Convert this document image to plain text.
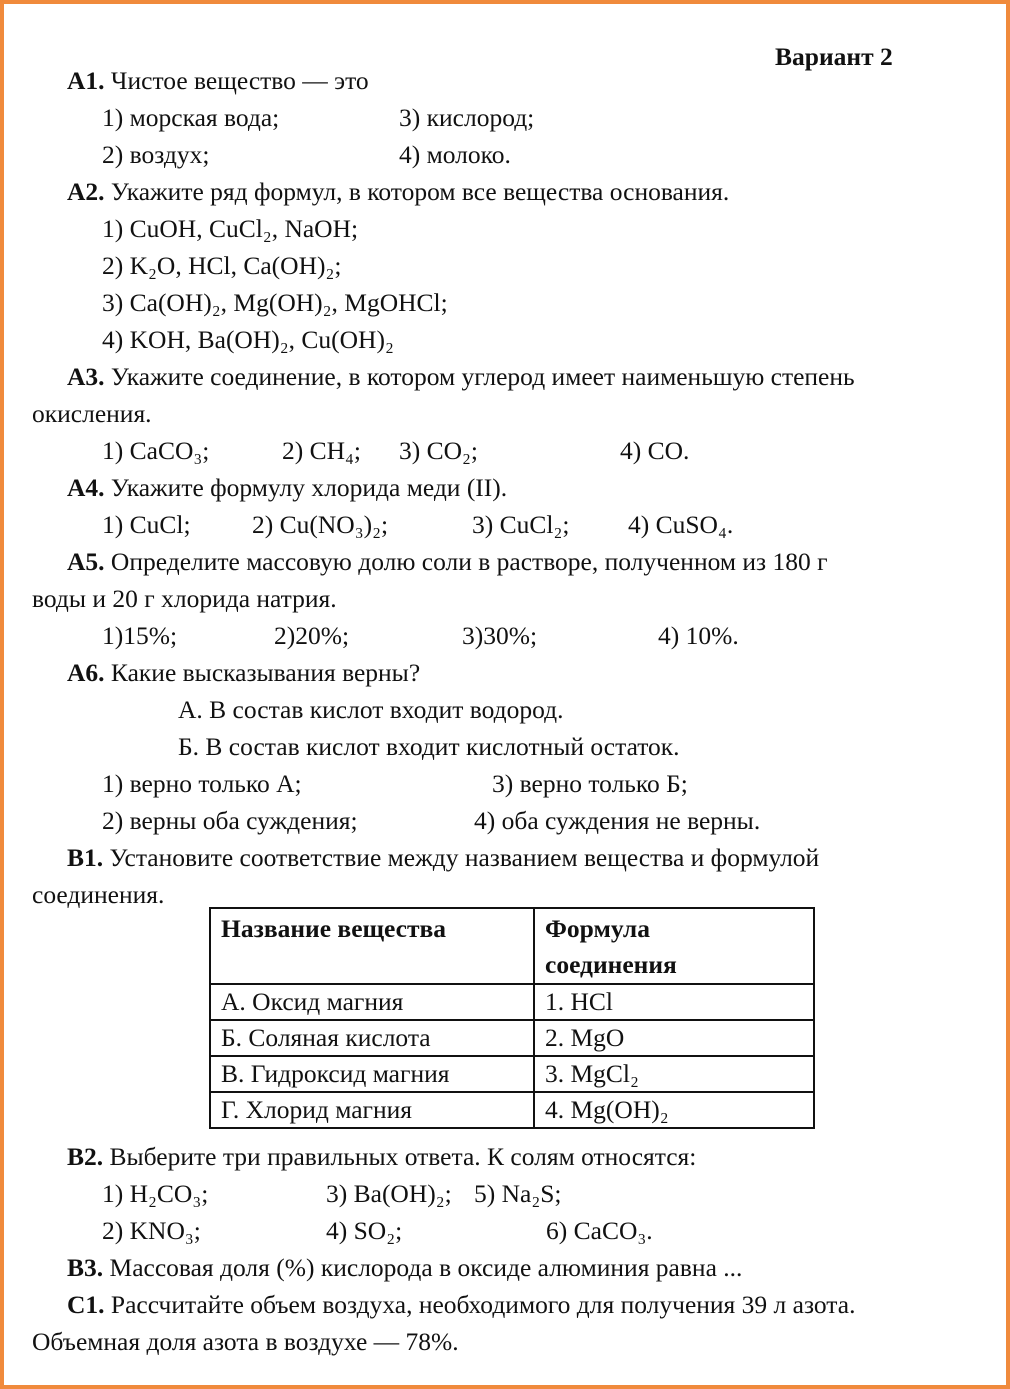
Вариант 2
А1. Чистое вещество — это
1) морская вода;	3) кислород;
2) воздух;	4) молоко.
А2. Укажите ряд формул, в котором все вещества основания.
1) CuOH, CuCl₂, NaOH;
2) K₂O, HCl, Ca(OH)₂;
3) Ca(OH)₂, Mg(OH)₂, MgOHCl;
4) KOH, Ba(OH)₂, Cu(OH)₂
А3. Укажите соединение, в котором углерод имеет наименьшую степень
окисления.
1) CaCO₃;	2) CH₄; 3) CO₂;	4) CO.
А4. Укажите формулу хлорида меди (II).
1) CuCl; 2) Cu(NO₃)₂;	3) CuCl₂; 4) CuSO₄.
А5. Определите массовую долю соли в растворе, полученном из 180 г
воды и 20 г хлорида натрия.
1)15%;	2)20%;	3)30%;	4) 10%.
А6. Какие высказывания верны?
А. В состав кислот входит водород.
Б. В состав кислот входит кислотный остаток.
1) верно только А;	3) верно только Б;
2) верны оба суждения;	4) оба суждения не верны.
В1. Установите соответствие между названием вещества и формулой
соединения.
Название вещества	Формула
соединения
А. Оксид магния	1. HCl
Б. Соляная кислота	2. MgO
В. Гидроксид магния	3. MgCl₂
Г. Хлорид магния	4. Mg(OH)₂
В2. Выберите три правильных ответа. К солям относятся:
1) H₂CO₃;	3) Ba(OH)₂; 5) Na₂S;
2) KNO₃;	4) SO₂;	6) CaCO₃.
В3. Массовая доля (%) кислорода в оксиде алюминия равна ...
С1. Рассчитайте объем воздуха, необходимого для получения 39 л азота.
Объемная доля азота в воздухе — 78%.
